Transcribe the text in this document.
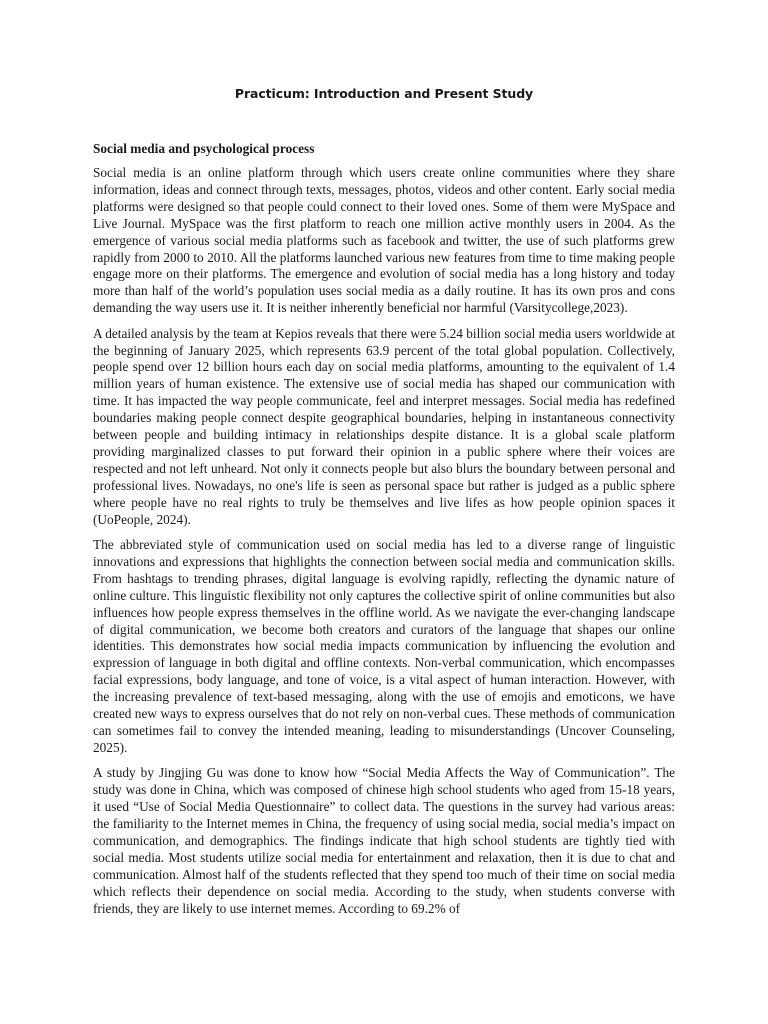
Practicum: Introduction and Present Study
Social media and psychological process

Social media is an online platform through which users create online communities where they share information, ideas and connect through texts, messages, photos, videos and other content. Early social media platforms were designed so that people could connect to their loved ones. Some of them were MySpace and Live Journal. MySpace was the first platform to reach one million active monthly users in 2004. As the emergence of various social media platforms such as facebook and twitter, the use of such platforms grew rapidly from 2000 to 2010. All the platforms launched various new features from time to time making people engage more on their platforms. The emergence and evolution of social media has a long history and today more than half of the world’s population uses social media as a daily routine. It has its own pros and cons demanding the way users use it. It is neither inherently beneficial nor harmful (Varsitycollege,2023).

A detailed analysis by the team at Kepios reveals that there were 5.24 billion social media users worldwide at the beginning of January 2025, which represents 63.9 percent of the total global population. Collectively, people spend over 12 billion hours each day on social media platforms, amounting to the equivalent of 1.4 million years of human existence. The extensive use of social media has shaped our communication with time. It has impacted the way people communicate, feel and interpret messages. Social media has redefined boundaries making people connect despite geographical boundaries, helping in instantaneous connectivity between people and building intimacy in relationships despite distance. It is a global scale platform providing marginalized classes to put forward their opinion in a public sphere where their voices are respected and not left unheard. Not only it connects people but also blurs the boundary between personal and professional lives. Nowadays, no one's life is seen as personal space but rather is judged as a public sphere where people have no real rights to truly be themselves and live lifes as how people opinion spaces it (UoPeople, 2024).

The abbreviated style of communication used on social media has led to a diverse range of linguistic innovations and expressions that highlights the connection between social media and communication skills. From hashtags to trending phrases, digital language is evolving rapidly, reflecting the dynamic nature of online culture. This linguistic flexibility not only captures the collective spirit of online communities but also influences how people express themselves in the offline world. As we navigate the ever-changing landscape of digital communication, we become both creators and curators of the language that shapes our online identities. This demonstrates how social media impacts communication by influencing the evolution and expression of language in both digital and offline contexts. Non-verbal communication, which encompasses facial expressions, body language, and tone of voice, is a vital aspect of human interaction. However, with the increasing prevalence of text-based messaging, along with the use of emojis and emoticons, we have created new ways to express ourselves that do not rely on non-verbal cues. These methods of communication can sometimes fail to convey the intended meaning, leading to misunderstandings (Uncover Counseling, 2025).

A study by Jingjing Gu was done to know how “Social Media Affects the Way of Communication”. The study was done in China, which was composed of chinese high school students who aged from 15-18 years, it used “Use of Social Media Questionnaire” to collect data. The questions in the survey had various areas: the familiarity to the Internet memes in China, the frequency of using social media, social media’s impact on communication, and demographics. The findings indicate that high school students are tightly tied with social media. Most students utilize social media for entertainment and relaxation, then it is due to chat and communication. Almost half of the students reflected that they spend too much of their time on social media which reflects their dependence on social media. According to the study, when students converse with friends, they are likely to use internet memes. According to 69.2% of
